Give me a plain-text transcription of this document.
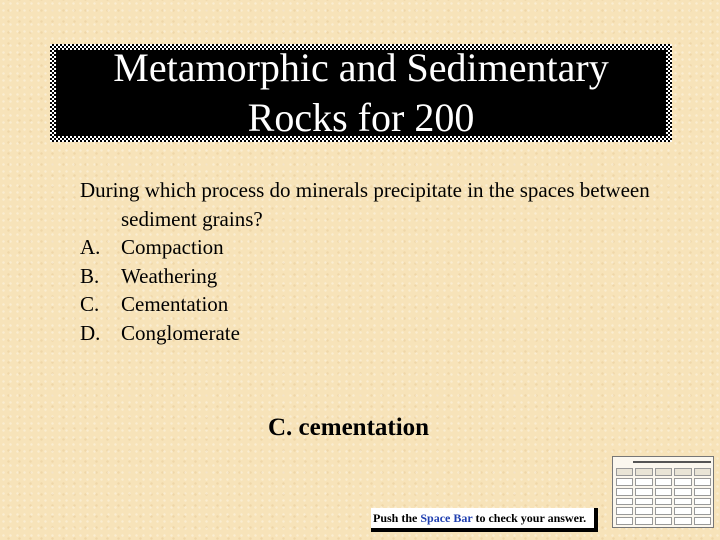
Metamorphic and Sedimentary
Rocks for 200
During which process do minerals precipitate in the spaces between sediment grains?
A. Compaction
B.	Weathering
C.	Cementation
D. Conglomerate
C. cementation
Push the Space Bar to check your answer.
